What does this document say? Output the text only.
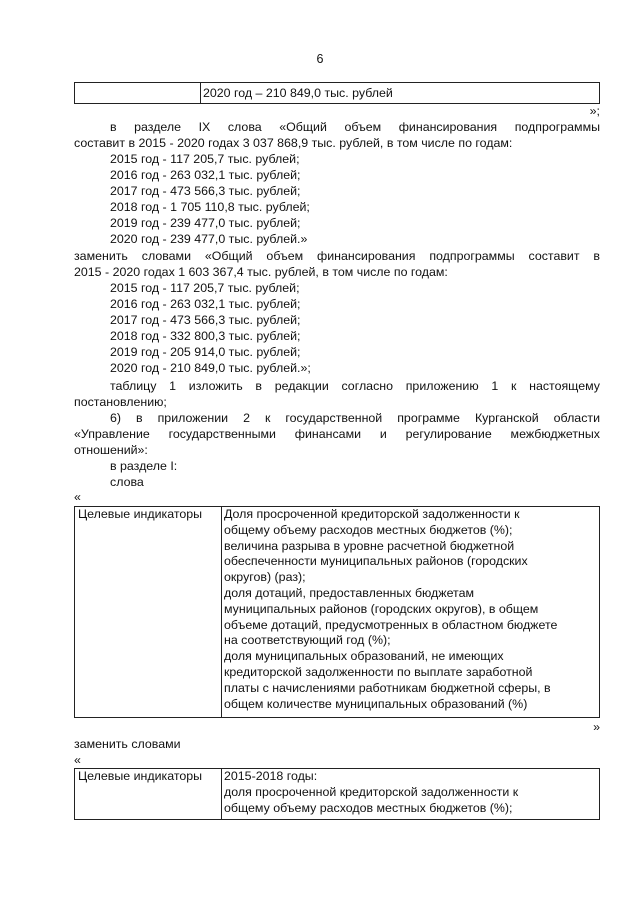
6
2020 год – 210 849,0 тыс. рублей
»;
в разделе IX слова «Общий объем финансирования подпрограммы
составит в 2015 - 2020 годах 3 037 868,9 тыс. рублей, в том числе по годам:
2015 год - 117 205,7 тыс. рублей;
2016 год - 263 032,1 тыс. рублей;
2017 год - 473 566,3 тыс. рублей;
2018 год - 1 705 110,8 тыс. рублей;
2019 год - 239 477,0 тыс. рублей;
2020 год - 239 477,0 тыс. рублей.»
заменить словами «Общий объем финансирования подпрограммы составит в
2015 - 2020 годах 1 603 367,4 тыс. рублей, в том числе по годам:
2015 год - 117 205,7 тыс. рублей;
2016 год - 263 032,1 тыс. рублей;
2017 год - 473 566,3 тыс. рублей;
2018 год - 332 800,3 тыс. рублей;
2019 год - 205 914,0 тыс. рублей;
2020 год - 210 849,0 тыс. рублей.»;
таблицу 1 изложить в редакции согласно приложению 1 к настоящему
постановлению;
6) в приложении 2 к государственной программе Курганской области
«Управление государственными финансами и регулирование межбюджетных
отношений»:
в разделе I:
слова
«
Целевые индикаторы	Доля просроченной кредиторской задолженности к
общему объему расходов местных бюджетов (%);
величина разрыва в уровне расчетной бюджетной
обеспеченности муниципальных районов (городских
округов) (раз);
доля дотаций, предоставленных бюджетам
муниципальных районов (городских округов), в общем
объеме дотаций, предусмотренных в областном бюджете
на соответствующий год (%);
доля муниципальных образований, не имеющих
кредиторской задолженности по выплате заработной
платы с начислениями работникам бюджетной сферы, в
общем количестве муниципальных образований (%)
»
заменить словами
«
Целевые индикаторы	2015-2018 годы:
доля просроченной кредиторской задолженности к
общему объему расходов местных бюджетов (%);
